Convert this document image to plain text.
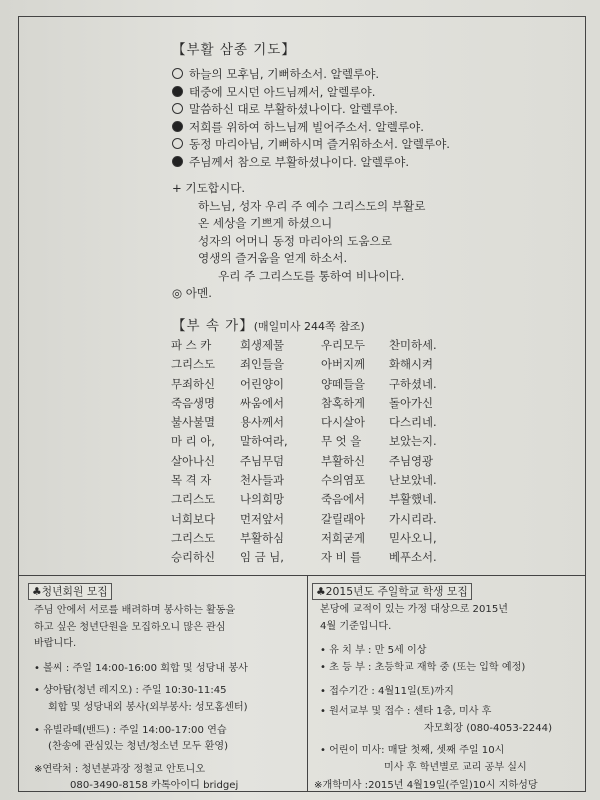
【부활 삼종 기도】
하늘의 모후님, 기뻐하소서. 알렐루야.
태중에 모시던 아드님께서, 알렐루야.
말씀하신 대로 부활하셨나이다. 알렐루야.
저희를 위하여 하느님께 빌어주소서. 알렐루야.
동정 마리아님, 기뻐하시며 즐거워하소서. 알렐루야.
주님께서 참으로 부활하셨나이다. 알렐루야.
+ 기도합시다.
하느님, 성자 우리 주 예수 그리스도의 부활로
온 세상을 기쁘게 하셨으니
성자의 어머니 동정 마리아의 도움으로
영생의 즐거움을 얻게 하소서.
우리 주 그리스도를 통하여 비나이다.
◎ 아멘.
【부 속 가】(매일미사 244쪽 참조)
파 스 카	희생제물	우리모두	찬미하세.
그리스도	죄인들을	아버지께	화해시켜
무죄하신	어린양이	양떼들을	구하셨네.
죽음생명	싸움에서	참혹하게	돌아가신
불사불멸	용사께서	다시살아	다스리네.
마 리 아,	말하여라,	무 엇 을	보았는지.
살아나신	주님무덤	부활하신	주님영광
목 격 자	천사들과	수의염포	난보았네.
그리스도	나의희망	죽음에서	부활했네.
너희보다	먼저앞서	갈릴래아	가시리라.
그리스도	부활하심	저희굳게	믿사오니,
승리하신	임 금 님,	자 비 를	베푸소서.
♣청년회원 모집
주님 안에서 서로를 배려하며 봉사하는 활동을
하고 싶은 청년단원을 모집하오니 많은 관심
바랍니다.
• 볼씨 : 주일 14:00-16:00 회합 및 성당내 봉사
• 샹아탐(청년 레지오) : 주일 10:30-11:45
회합 및 성당내외 봉사(외부봉사: 성모홈센터)
• 유빌라떼(밴드) : 주일 14:00-17:00 연습
(찬송에 관심있는 청년/청소년 모두 환영)
※연락처 : 청년분과장 정철교 안토니오
080-3490-8158 카톡아이디 bridgej
♣2015년도 주일학교 학생 모집
본당에 교적이 있는 가정 대상으로 2015년
4월 기준입니다.
• 유 치 부 : 만 5세 이상
• 초 등 부 : 초등학교 재학 중 (또는 입학 예정)
• 접수기간 : 4월11일(토)까지
• 원서교부 및 접수 : 센타 1층, 미사 후
자모회장 (080-4053-2244)
• 어린이 미사: 매달 첫째, 셋째 주일 10시
미사 후 학년별로 교리 공부 실시
※개학미사 :2015년 4월19일(주일)10시 지하성당
